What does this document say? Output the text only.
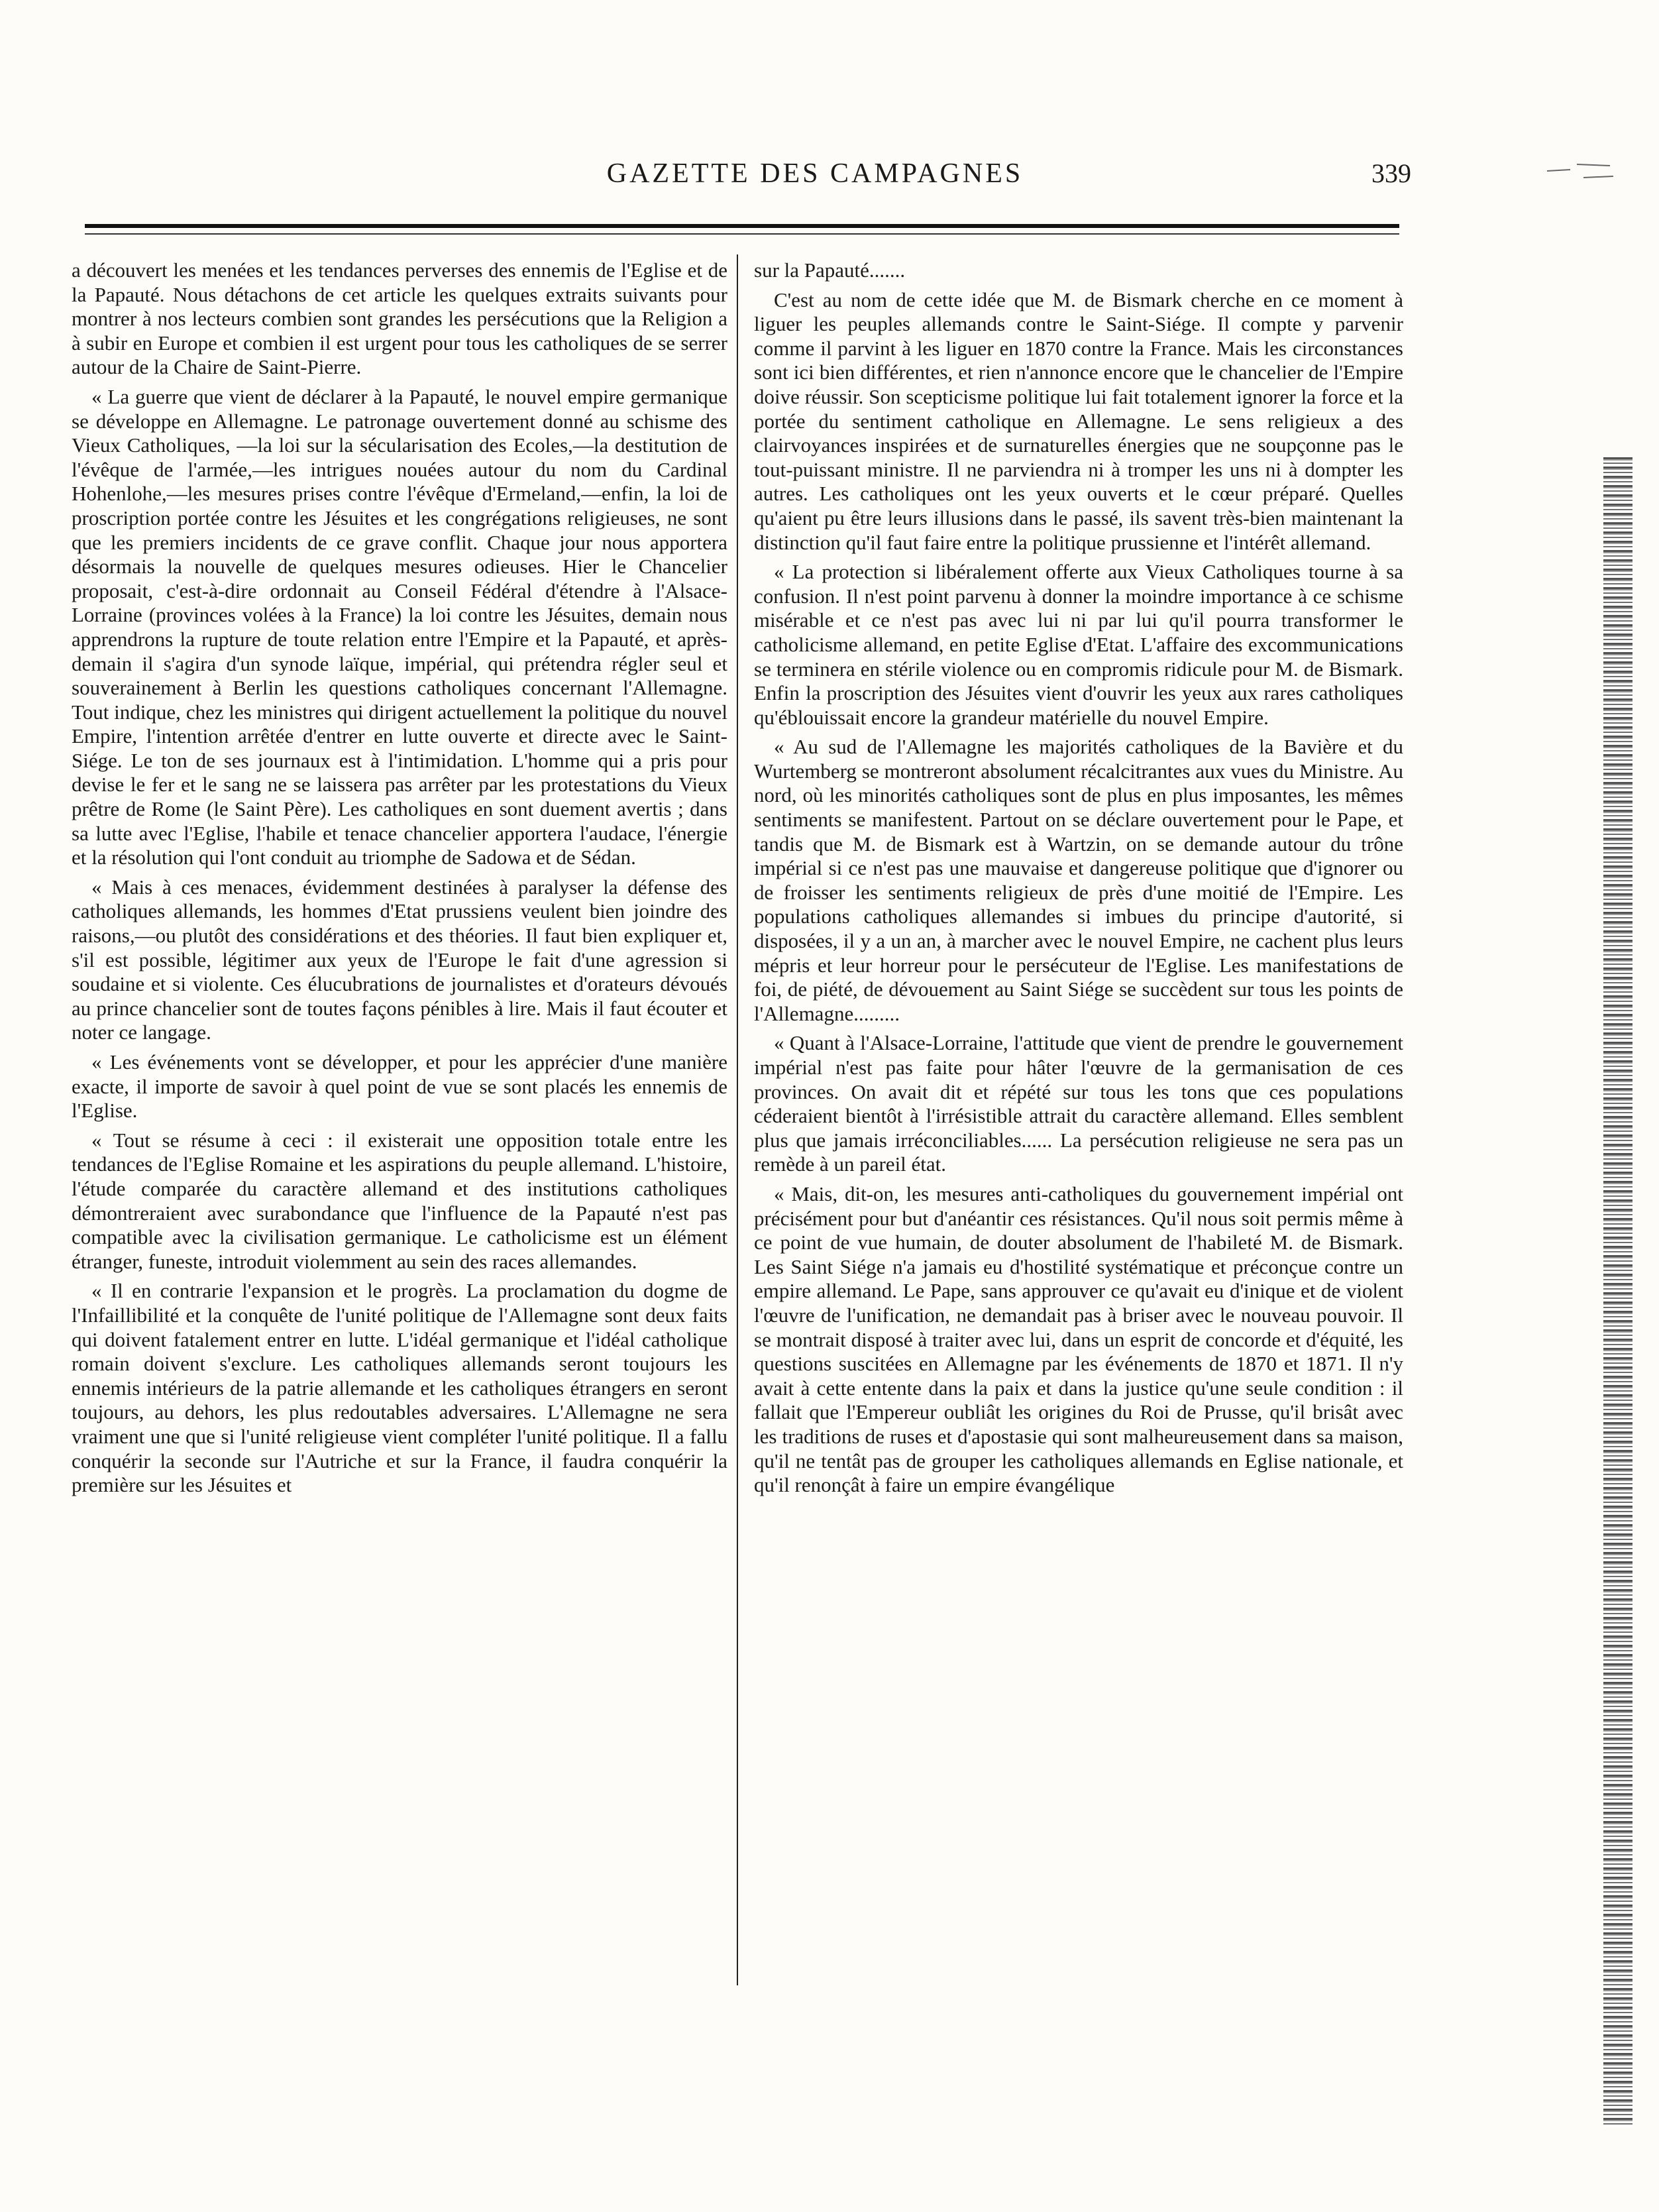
GAZETTE DES CAMPAGNES	339

a découvert les menées et les tendances perverses des ennemis de l'Eglise et de la Papauté. Nous détachons de cet article les quelques extraits suivants pour montrer à nos lecteurs combien sont grandes les persécutions que la Religion a à subir en Europe et combien il est urgent pour tous les catholiques de se serrer autour de la Chaire de Saint-Pierre.

« La guerre que vient de déclarer à la Papauté, le nouvel empire germanique se développe en Allemagne. Le patronage ouvertement donné au schisme des Vieux Catholiques, —la loi sur la sécularisation des Ecoles,—la destitution de l'évêque de l'armée,—les intrigues nouées autour du nom du Cardinal Hohenlohe,—les mesures prises contre l'évêque d'Ermeland,—enfin, la loi de proscription portée contre les Jésuites et les congrégations religieuses, ne sont que les premiers incidents de ce grave conflit. Chaque jour nous apportera désormais la nouvelle de quelques mesures odieuses. Hier le Chancelier proposait, c'est-à-dire ordonnait au Conseil Fédéral d'étendre à l'Alsace-Lorraine (provinces volées à la France) la loi contre les Jésuites, demain nous apprendrons la rupture de toute relation entre l'Empire et la Papauté, et après-demain il s'agira d'un synode laïque, impérial, qui prétendra régler seul et souverainement à Berlin les questions catholiques concernant l'Allemagne. Tout indique, chez les ministres qui dirigent actuellement la politique du nouvel Empire, l'intention arrêtée d'entrer en lutte ouverte et directe avec le Saint-Siége. Le ton de ses journaux est à l'intimidation. L'homme qui a pris pour devise le fer et le sang ne se laissera pas arrêter par les protestations du Vieux prêtre de Rome (le Saint Père). Les catholiques en sont duement avertis ; dans sa lutte avec l'Eglise, l'habile et tenace chancelier apportera l'audace, l'énergie et la résolution qui l'ont conduit au triomphe de Sadowa et de Sédan.

« Mais à ces menaces, évidemment destinées à paralyser la défense des catholiques allemands, les hommes d'Etat prussiens veulent bien joindre des raisons,—ou plutôt des considérations et des théories. Il faut bien expliquer et, s'il est possible, légitimer aux yeux de l'Europe le fait d'une agression si soudaine et si violente. Ces élucubrations de journalistes et d'orateurs dévoués au prince chancelier sont de toutes façons pénibles à lire. Mais il faut écouter et noter ce langage.

« Les événements vont se développer, et pour les apprécier d'une manière exacte, il importe de savoir à quel point de vue se sont placés les ennemis de l'Eglise.

« Tout se résume à ceci : il existerait une opposition totale entre les tendances de l'Eglise Romaine et les aspirations du peuple allemand. L'histoire, l'étude comparée du caractère allemand et des institutions catholiques démontreraient avec surabondance que l'influence de la Papauté n'est pas compatible avec la civilisation germanique. Le catholicisme est un élément étranger, funeste, introduit violemment au sein des races allemandes.

« Il en contrarie l'expansion et le progrès. La proclamation du dogme de l'Infaillibilité et la conquête de l'unité politique de l'Allemagne sont deux faits qui doivent fatalement entrer en lutte. L'idéal germanique et l'idéal catholique romain doivent s'exclure. Les catholiques allemands seront toujours les ennemis intérieurs de la patrie allemande et les catholiques étrangers en seront toujours, au dehors, les plus redoutables adversaires. L'Allemagne ne sera vraiment une que si l'unité religieuse vient compléter l'unité politique. Il a fallu conquérir la seconde sur l'Autriche et sur la France, il faudra conquérir la première sur les Jésuites et

sur la Papauté.......

C'est au nom de cette idée que M. de Bismark cherche en ce moment à liguer les peuples allemands contre le Saint-Siége. Il compte y parvenir comme il parvint à les liguer en 1870 contre la France. Mais les circonstances sont ici bien différentes, et rien n'annonce encore que le chancelier de l'Empire doive réussir. Son scepticisme politique lui fait totalement ignorer la force et la portée du sentiment catholique en Allemagne. Le sens religieux a des clairvoyances inspirées et de surnaturelles énergies que ne soupçonne pas le tout-puissant ministre. Il ne parviendra ni à tromper les uns ni à dompter les autres. Les catholiques ont les yeux ouverts et le cœur préparé. Quelles qu'aient pu être leurs illusions dans le passé, ils savent très-bien maintenant la distinction qu'il faut faire entre la politique prussienne et l'intérêt allemand.

« La protection si libéralement offerte aux Vieux Catholiques tourne à sa confusion. Il n'est point parvenu à donner la moindre importance à ce schisme misérable et ce n'est pas avec lui ni par lui qu'il pourra transformer le catholicisme allemand, en petite Eglise d'Etat. L'affaire des excommunications se terminera en stérile violence ou en compromis ridicule pour M. de Bismark. Enfin la proscription des Jésuites vient d'ouvrir les yeux aux rares catholiques qu'éblouissait encore la grandeur matérielle du nouvel Empire.

« Au sud de l'Allemagne les majorités catholiques de la Bavière et du Wurtemberg se montreront absolument récalcitrantes aux vues du Ministre. Au nord, où les minorités catholiques sont de plus en plus imposantes, les mêmes sentiments se manifestent. Partout on se déclare ouvertement pour le Pape, et tandis que M. de Bismark est à Wartzin, on se demande autour du trône impérial si ce n'est pas une mauvaise et dangereuse politique que d'ignorer ou de froisser les sentiments religieux de près d'une moitié de l'Empire. Les populations catholiques allemandes si imbues du principe d'autorité, si disposées, il y a un an, à marcher avec le nouvel Empire, ne cachent plus leurs mépris et leur horreur pour le persécuteur de l'Eglise. Les manifestations de foi, de piété, de dévouement au Saint Siége se succèdent sur tous les points de l'Allemagne.........

« Quant à l'Alsace-Lorraine, l'attitude que vient de prendre le gouvernement impérial n'est pas faite pour hâter l'œuvre de la germanisation de ces provinces. On avait dit et répété sur tous les tons que ces populations céderaient bientôt à l'irrésistible attrait du caractère allemand. Elles semblent plus que jamais irréconciliables...... La persécution religieuse ne sera pas un remède à un pareil état.

« Mais, dit-on, les mesures anti-catholiques du gouvernement impérial ont précisément pour but d'anéantir ces résistances. Qu'il nous soit permis même à ce point de vue humain, de douter absolument de l'habileté M. de Bismark. Les Saint Siége n'a jamais eu d'hostilité systématique et préconçue contre un empire allemand. Le Pape, sans approuver ce qu'avait eu d'inique et de violent l'œuvre de l'unification, ne demandait pas à briser avec le nouveau pouvoir. Il se montrait disposé à traiter avec lui, dans un esprit de concorde et d'équité, les questions suscitées en Allemagne par les événements de 1870 et 1871. Il n'y avait à cette entente dans la paix et dans la justice qu'une seule condition : il fallait que l'Empereur oubliât les origines du Roi de Prusse, qu'il brisât avec les traditions de ruses et d'apostasie qui sont malheureusement dans sa maison, qu'il ne tentât pas de grouper les catholiques allemands en Eglise nationale, et qu'il renonçât à faire un empire évangélique
